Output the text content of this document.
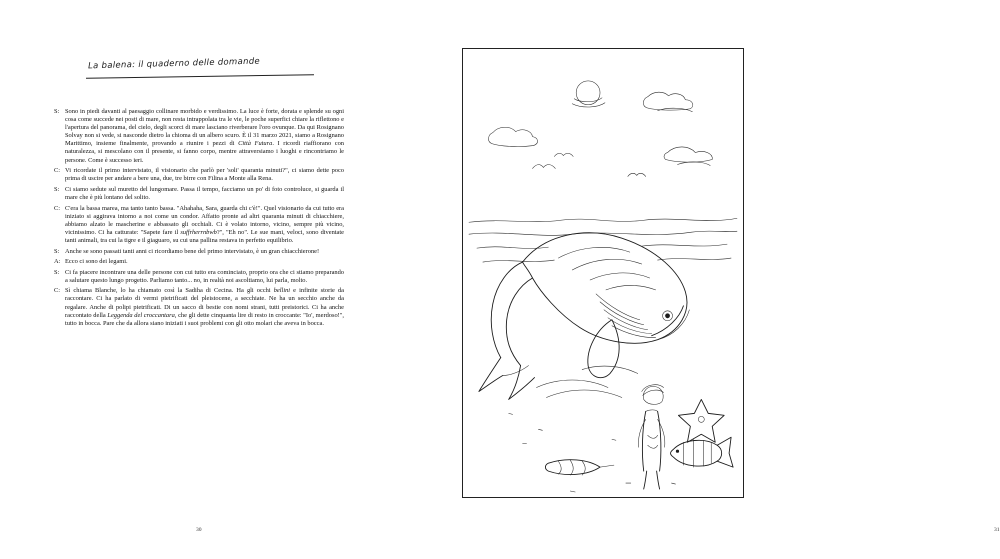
La balena: il quaderno delle domande
S: Sono in piedi davanti al paesaggio collinare morbido e verdissimo. La luce è forte, dorata e splende su ogni cosa come succede nei posti di mare, non resta intrappolata tra le vie, le poche superfici chiare la riflettono e l'apertura del panorama, del cielo, degli scorci di mare lasciano riverberare l'oro ovunque. Da qui Rosignano Solvay non si vede, si nasconde dietro la chioma di un albero scuro. È il 31 marzo 2021, siamo a Rosignano Marittimo, insieme finalmente, provando a riunire i pezzi di Città Futura. I ricordi riaffiorano con naturalezza, si mescolano con il presente, si fanno corpo, mentre attraversiamo i luoghi e rincontriamo le persone. Come è successo ieri.
C: Vi ricordate il primo intervistato, il visionario che parlò per 'soli' quaranta minuti?", ci siamo dette poco prima di uscire per andare a bere una, due, tre birre con Filina a Monte alla Rena.
S: Ci siamo sedute sul muretto del lungomare. Passa il tempo, facciamo un po' di foto controluce, si guarda il mare che è più lontano del solito.
C: C'era la bassa marea, ma tanto tanto bassa. "Ahahaha, Sara, guarda chi c'è!". Quel visionario da cui tutto era iniziato si aggirava intorno a noi come un condor. Affatto pronte ad altri quaranta minuti di chiacchiere, abbiamo alzato le mascherine e abbassato gli occhiali. Ci è volato intorno, vicino, sempre più vicino, vicinissimo. Ci ha catturate: "Sapete fare il suffrherrnbwb?", "Eh no". Le sue mani, veloci, sono diventate tanti animali, tra cui la tigre e il giaguaro, su cui una pallina restava in perfetto equilibrio.
S: Anche se sono passati tanti anni ci ricordiamo bene del primo intervistato, è un gran chiacchierone!
A: Ecco ci sono dei legami.
S: Ci fa piacere incontrare una delle persone con cui tutto era cominciato, proprio ora che ci stiamo preparando a salutare questo lungo progetto. Parliamo tanto... no, in realtà noi ascoltiamo, lui parla, molto.
C: Sì chiama Blanche, lo ha chiamato così la Sadiha di Cecina. Ha gli occhi bellini e infinite storie da raccontare. Ci ha parlato di vermi pietrificati del pleistocene, a secchiate. Ne ha un secchio anche da regalare. Anche di polipi pietrificati. Di un sacco di bestie con nomi strani, tutti preistorici. Ci ha anche raccontato della Leggenda del croccantara, che gli dette cinquanta lire di resto in croccante: "Io', merdoso!", tutto in bocca. Pare che da allora siano iniziati i suoi problemi con gli otto molari che aveva in bocca.
30	31
